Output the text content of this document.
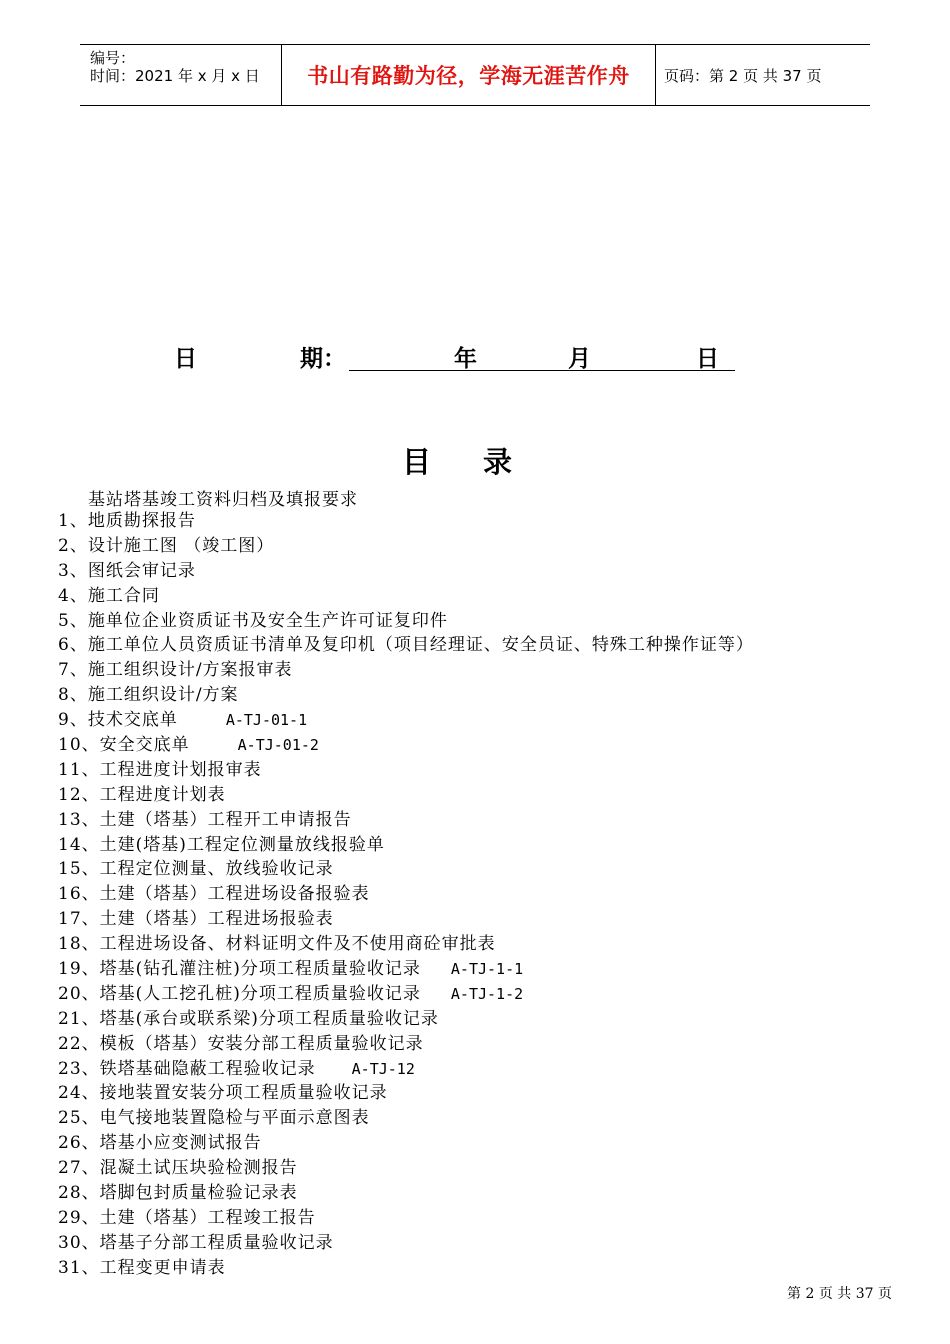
编号：
时间：2021 年 x 月 x 日 书山有路勤为径，学海无涯苦作舟 页码：第 2 页 共 37 页
日	期：	年	月	日
目录
基站塔基竣工资料归档及填报要求
1、地质勘探报告
2、设计施工图 （竣工图）
3、图纸会审记录
4、施工合同
5、施单位企业资质证书及安全生产许可证复印件
6、施工单位人员资质证书清单及复印机（项目经理证、安全员证、特殊工种操作证等）
7、施工组织设计/方案报审表
8、施工组织设计/方案
9、技术交底单	A-TJ-01-1
10、安全交底单	A-TJ-01-2
11、工程进度计划报审表
12、工程进度计划表
13、土建（塔基）工程开工申请报告
14、土建(塔基)工程定位测量放线报验单
15、工程定位测量、放线验收记录
16、土建（塔基）工程进场设备报验表
17、土建（塔基）工程进场报验表
18、工程进场设备、材料证明文件及不使用商砼审批表
19、塔基(钻孔灌注桩)分项工程质量验收记录 A-TJ-1-1
20、塔基(人工挖孔桩)分项工程质量验收记录 A-TJ-1-2
21、塔基(承台或联系梁)分项工程质量验收记录
22、模板（塔基）安装分部工程质量验收记录
23、铁塔基础隐蔽工程验收记录 A-TJ-12
24、接地装置安装分项工程质量验收记录
25、电气接地装置隐检与平面示意图表
26、塔基小应变测试报告
27、混凝土试压块验检测报告
28、塔脚包封质量检验记录表
29、土建（塔基）工程竣工报告
30、塔基子分部工程质量验收记录
31、工程变更申请表
第 2 页 共 37 页
